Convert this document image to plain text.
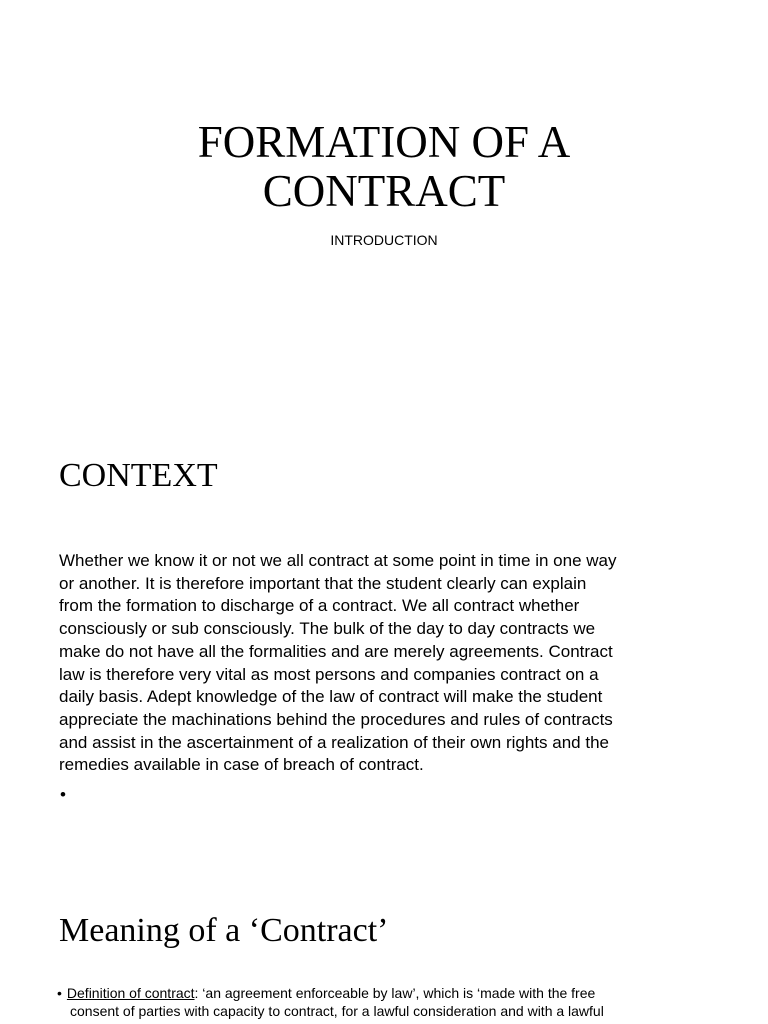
FORMATION OF A
CONTRACT
INTRODUCTION
CONTEXT
Whether we know it or not we all contract at some point in time in one way
or another. It is therefore important that the student clearly can explain
from the formation to discharge of a contract. We all contract whether
consciously or sub consciously. The bulk of the day to day contracts we
make do not have all the formalities and are merely agreements. Contract
law is therefore very vital as most persons and companies contract on a
daily basis. Adept knowledge of the law of contract will make the student
appreciate the machinations behind the procedures and rules of contracts
and assist in the ascertainment of a realization of their own rights and the
remedies available in case of breach of contract.
•
Meaning of a ‘Contract’
• Definition of contract: ‘an agreement enforceable by law’, which is ‘made with the free
consent of parties with capacity to contract, for a lawful consideration and with a lawful
